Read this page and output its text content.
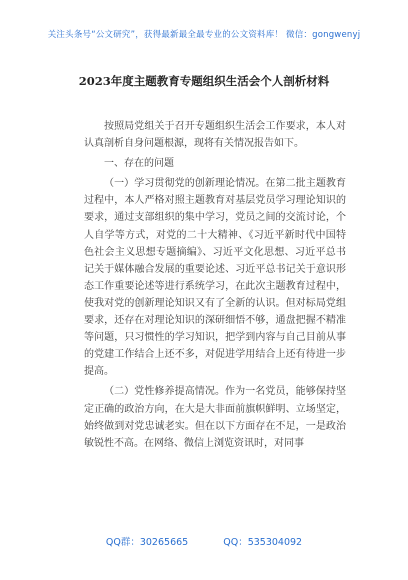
关注头条号“公文研究”，获得最新最全最专业的公文资料库！ 微信：gongwenyj
2023年度主题教育专题组织生活会个人剖析材料

按照局党组关于召开专题组织生活会工作要求，本人对认真剖析自身问题根源，现将有关情况报告如下。

一、存在的问题

（一）学习贯彻党的创新理论情况。在第二批主题教育过程中，本人严格对照主题教育对基层党员学习理论知识的要求，通过支部组织的集中学习，党员之间的交流讨论，个人自学等方式，对党的二十大精神、《习近平新时代中国特色社会主义思想专题摘编》、习近平文化思想、习近平总书记关于媒体融合发展的重要论述、习近平总书记关于意识形态工作重要论述等进行系统学习，在此次主题教育过程中，使我对党的创新理论知识又有了全新的认识。但对标局党组要求，还存在对理论知识的深研细悟不够，通盘把握不精准等问题，只习惯性的学习知识，把学到内容与自己目前从事的党建工作结合上还不多，对促进学用结合上还有待进一步提高。

（二）党性修养提高情况。作为一名党员，能够保持坚定正确的政治方向，在大是大非面前旗帜鲜明、立场坚定，始终做到对党忠诚老实。但在以下方面存在不足，一是政治敏锐性不高。在网络、微信上浏览资讯时，对同事

QQ群：30265665	QQ：535304092
